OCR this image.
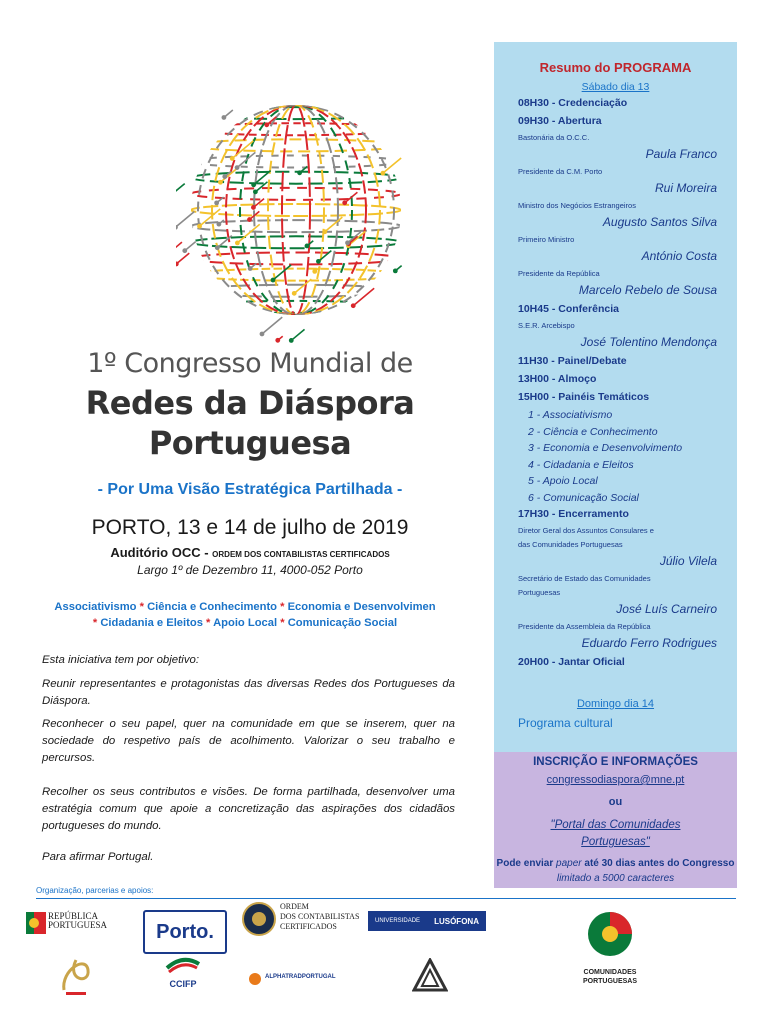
1º Congresso Mundial de
Redes da Diáspora
Portuguesa
- Por Uma Visão Estratégica Partilhada -
PORTO, 13 e 14 de julho de 2019
Auditório OCC - ORDEM DOS CONTABILISTAS CERTIFICADOS
Largo 1º de Dezembro 11, 4000-052 Porto
Associativismo * Ciência e Conhecimento * Economia e Desenvolvimen
* Cidadania e Eleitos * Apoio Local * Comunicação Social
Esta iniciativa tem por objetivo:
Reunir representantes e protagonistas das diversas Redes dos Portugueses da Diáspora.
Reconhecer o seu papel, quer na comunidade em que se inserem, quer na sociedade do respetivo país de acolhimento. Valorizar o seu trabalho e percursos.
Recolher os seus contributos e visões. De forma partilhada, desenvolver uma estratégia comum que apoie a concretização das aspirações dos cidadãos portugueses do mundo.
Para afirmar Portugal.
Resumo do PROGRAMA
Sábado dia 13
08H30 - Credenciação
09H30 - Abertura
Bastonária da O.C.C.
Paula Franco
Presidente da C.M. Porto
Rui Moreira
Ministro dos Negócios Estrangeiros
Augusto Santos Silva
Primeiro Ministro
António Costa
Presidente da República
Marcelo Rebelo de Sousa
10H45 - Conferência
S.E.R. Arcebispo
José Tolentino Mendonça
11H30 - Painel/Debate
13H00 - Almoço
15H00 - Painéis Temáticos
1 - Associativismo
2 - Ciência e Conhecimento
3 - Economia e Desenvolvimento
4 - Cidadania e Eleitos
5 - Apoio Local
6 - Comunicação Social
17H30 - Encerramento
Diretor Geral dos Assuntos Consulares e
das Comunidades Portuguesas
Júlio Vilela
Secretário de Estado das Comunidades
Portuguesas
José Luís Carneiro
Presidente da Assembleia da República
Eduardo Ferro Rodrigues
20H00 - Jantar Oficial
Domingo dia 14
Programa cultural
INSCRIÇÃO E INFORMAÇÕES
congressodiaspora@mne.pt
ou
"Portal das Comunidades Portuguesas"
Pode enviar paper até 30 dias antes do Congresso limitado a 5000 caracteres
Organização, parcerias e apoios:
REPÚBLICA PORTUGUESA	Porto.
ORDEM
DOS CONTABILISTAS
CERTIFICADOS
UNIVERSIDADE LUSÓFONA
COMUNIDADES
PORTUGUESAS
CCIFP
ALPHATRADPORTUGAL
